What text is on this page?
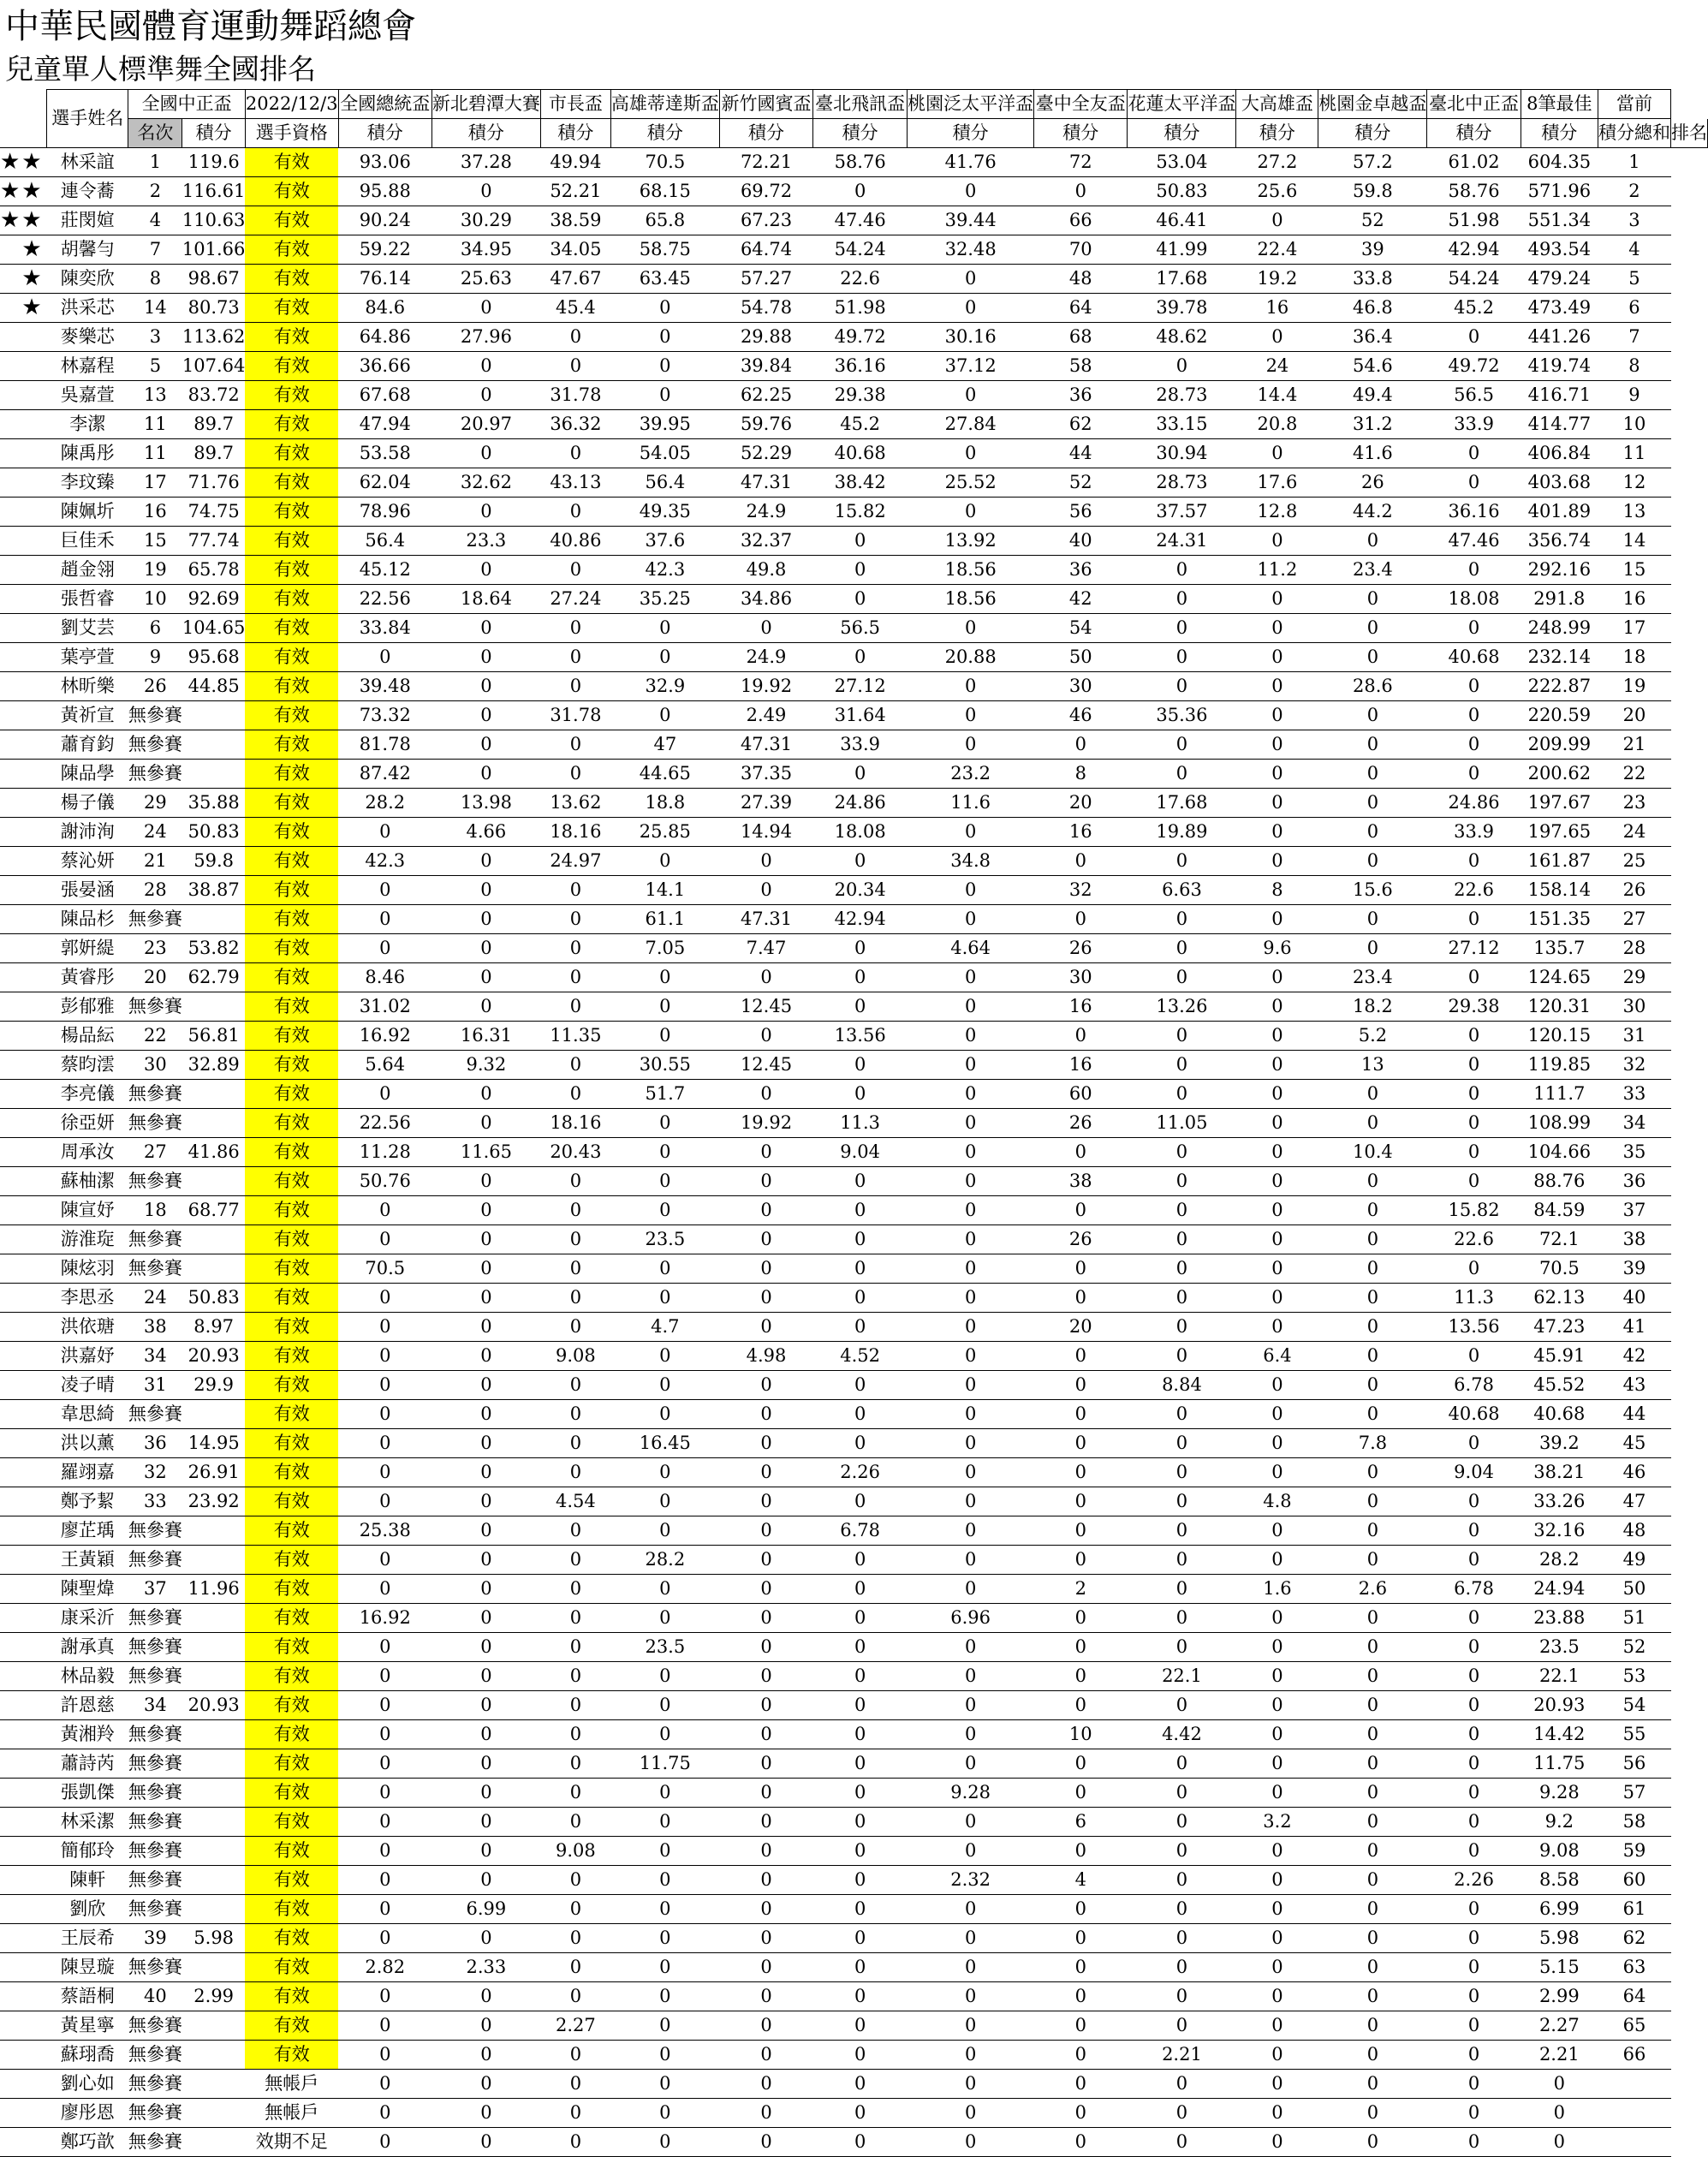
中華民國體育運動舞蹈總會
兒童單人標準舞全國排名
	選手姓名	全國中正盃		2022/12/3	全國總統盃	新北碧潭大賽	市長盃	高雄蒂達斯盃	新竹國賓盃	臺北飛訊盃	桃園泛太平洋盃	臺中全友盃	花蓮太平洋盃	大高雄盃	桃園金卓越盃	臺北中正盃	8筆最佳	當前	
		名次	積分	選手資格	積分	積分	積分	積分	積分	積分	積分	積分	積分	積分	積分	積分	積分	積分總和	排名
★★	林采誼	1	119.6	有效	93.06	37.28	49.94	70.5	72.21	58.76	41.76	72	53.04	27.2	57.2	61.02	604.35	1	
★★	連令蕎	2	116.61	有效	95.88	0	52.21	68.15	69.72	0	0	0	50.83	25.6	59.8	58.76	571.96	2	
★★	莊閔媗	4	110.63	有效	90.24	30.29	38.59	65.8	67.23	47.46	39.44	66	46.41	0	52	51.98	551.34	3	
★	胡馨勻	7	101.66	有效	59.22	34.95	34.05	58.75	64.74	54.24	32.48	70	41.99	22.4	39	42.94	493.54	4	
★	陳奕欣	8	98.67	有效	76.14	25.63	47.67	63.45	57.27	22.6	0	48	17.68	19.2	33.8	54.24	479.24	5	
★	洪采芯	14	80.73	有效	84.6	0	45.4	0	54.78	51.98	0	64	39.78	16	46.8	45.2	473.49	6	
	麥樂芯	3	113.62	有效	64.86	27.96	0	0	29.88	49.72	30.16	68	48.62	0	36.4	0	441.26	7	
	林嘉程	5	107.64	有效	36.66	0	0	0	39.84	36.16	37.12	58	0	24	54.6	49.72	419.74	8	
	吳嘉萱	13	83.72	有效	67.68	0	31.78	0	62.25	29.38	0	36	28.73	14.4	49.4	56.5	416.71	9	
	李潔	11	89.7	有效	47.94	20.97	36.32	39.95	59.76	45.2	27.84	62	33.15	20.8	31.2	33.9	414.77	10	
	陳禹彤	11	89.7	有效	53.58	0	0	54.05	52.29	40.68	0	44	30.94	0	41.6	0	406.84	11	
	李玟臻	17	71.76	有效	62.04	32.62	43.13	56.4	47.31	38.42	25.52	52	28.73	17.6	26	0	403.68	12	
	陳姵圻	16	74.75	有效	78.96	0	0	49.35	24.9	15.82	0	56	37.57	12.8	44.2	36.16	401.89	13	
	巨佳禾	15	77.74	有效	56.4	23.3	40.86	37.6	32.37	0	13.92	40	24.31	0	0	47.46	356.74	14	
	趙金翎	19	65.78	有效	45.12	0	0	42.3	49.8	0	18.56	36	0	11.2	23.4	0	292.16	15	
	張哲睿	10	92.69	有效	22.56	18.64	27.24	35.25	34.86	0	18.56	42	0	0	0	18.08	291.8	16	
	劉艾芸	6	104.65	有效	33.84	0	0	0	0	56.5	0	54	0	0	0	0	248.99	17	
	葉亭萱	9	95.68	有效	0	0	0	0	24.9	0	20.88	50	0	0	0	40.68	232.14	18	
	林昕樂	26	44.85	有效	39.48	0	0	32.9	19.92	27.12	0	30	0	0	28.6	0	222.87	19	
	黃祈宣	無參賽		有效	73.32	0	31.78	0	2.49	31.64	0	46	35.36	0	0	0	220.59	20	
	蕭育鈞	無參賽		有效	81.78	0	0	47	47.31	33.9	0	0	0	0	0	0	209.99	21	
	陳品學	無參賽		有效	87.42	0	0	44.65	37.35	0	23.2	8	0	0	0	0	200.62	22	
	楊子儀	29	35.88	有效	28.2	13.98	13.62	18.8	27.39	24.86	11.6	20	17.68	0	0	24.86	197.67	23	
	謝沛洵	24	50.83	有效	0	4.66	18.16	25.85	14.94	18.08	0	16	19.89	0	0	33.9	197.65	24	
	蔡沁妍	21	59.8	有效	42.3	0	24.97	0	0	0	34.8	0	0	0	0	0	161.87	25	
	張晏涵	28	38.87	有效	0	0	0	14.1	0	20.34	0	32	6.63	8	15.6	22.6	158.14	26	
	陳品杉	無參賽		有效	0	0	0	61.1	47.31	42.94	0	0	0	0	0	0	151.35	27	
	郭姸緹	23	53.82	有效	0	0	0	7.05	7.47	0	4.64	26	0	9.6	0	27.12	135.7	28	
	黃睿彤	20	62.79	有效	8.46	0	0	0	0	0	0	30	0	0	23.4	0	124.65	29	
	彭郁雅	無參賽		有效	31.02	0	0	0	12.45	0	0	16	13.26	0	18.2	29.38	120.31	30	
	楊品紜	22	56.81	有效	16.92	16.31	11.35	0	0	13.56	0	0	0	0	5.2	0	120.15	31	
	蔡昀澐	30	32.89	有效	5.64	9.32	0	30.55	12.45	0	0	16	0	0	13	0	119.85	32	
	李亮儀	無參賽		有效	0	0	0	51.7	0	0	0	60	0	0	0	0	111.7	33	
	徐亞妍	無參賽		有效	22.56	0	18.16	0	19.92	11.3	0	26	11.05	0	0	0	108.99	34	
	周承汝	27	41.86	有效	11.28	11.65	20.43	0	0	9.04	0	0	0	0	10.4	0	104.66	35	
	蘇柚潔	無參賽		有效	50.76	0	0	0	0	0	0	38	0	0	0	0	88.76	36	
	陳宣妤	18	68.77	有效	0	0	0	0	0	0	0	0	0	0	0	15.82	84.59	37	
	游淮琁	無參賽		有效	0	0	0	23.5	0	0	0	26	0	0	0	22.6	72.1	38	
	陳炫羽	無參賽		有效	70.5	0	0	0	0	0	0	0	0	0	0	0	70.5	39	
	李思丞	24	50.83	有效	0	0	0	0	0	0	0	0	0	0	0	11.3	62.13	40	
	洪依瑭	38	8.97	有效	0	0	0	4.7	0	0	0	20	0	0	0	13.56	47.23	41	
	洪嘉妤	34	20.93	有效	0	0	9.08	0	4.98	4.52	0	0	0	6.4	0	0	45.91	42	
	凌子晴	31	29.9	有效	0	0	0	0	0	0	0	0	8.84	0	0	6.78	45.52	43	
	韋思綺	無參賽		有效	0	0	0	0	0	0	0	0	0	0	0	40.68	40.68	44	
	洪以薰	36	14.95	有效	0	0	0	16.45	0	0	0	0	0	0	7.8	0	39.2	45	
	羅翊嘉	32	26.91	有效	0	0	0	0	0	2.26	0	0	0	0	0	9.04	38.21	46	
	鄭予絜	33	23.92	有效	0	0	4.54	0	0	0	0	0	0	4.8	0	0	33.26	47	
	廖芷瑀	無參賽		有效	25.38	0	0	0	0	6.78	0	0	0	0	0	0	32.16	48	
	王黃穎	無參賽		有效	0	0	0	28.2	0	0	0	0	0	0	0	0	28.2	49	
	陳聖煒	37	11.96	有效	0	0	0	0	0	0	0	2	0	1.6	2.6	6.78	24.94	50	
	康采沂	無參賽		有效	16.92	0	0	0	0	0	6.96	0	0	0	0	0	23.88	51	
	謝承真	無參賽		有效	0	0	0	23.5	0	0	0	0	0	0	0	0	23.5	52	
	林品毅	無參賽		有效	0	0	0	0	0	0	0	0	22.1	0	0	0	22.1	53	
	許恩慈	34	20.93	有效	0	0	0	0	0	0	0	0	0	0	0	0	20.93	54	
	黃湘羚	無參賽		有效	0	0	0	0	0	0	0	10	4.42	0	0	0	14.42	55	
	蕭詩芮	無參賽		有效	0	0	0	11.75	0	0	0	0	0	0	0	0	11.75	56	
	張凱傑	無參賽		有效	0	0	0	0	0	0	9.28	0	0	0	0	0	9.28	57	
	林采潔	無參賽		有效	0	0	0	0	0	0	0	6	0	3.2	0	0	9.2	58	
	簡郁玲	無參賽		有效	0	0	9.08	0	0	0	0	0	0	0	0	0	9.08	59	
	陳軒	無參賽		有效	0	0	0	0	0	0	2.32	4	0	0	0	2.26	8.58	60	
	劉欣	無參賽		有效	0	6.99	0	0	0	0	0	0	0	0	0	0	6.99	61	
	王辰希	39	5.98	有效	0	0	0	0	0	0	0	0	0	0	0	0	5.98	62	
	陳昱璇	無參賽		有效	2.82	2.33	0	0	0	0	0	0	0	0	0	0	5.15	63	
	蔡語桐	40	2.99	有效	0	0	0	0	0	0	0	0	0	0	0	0	2.99	64	
	黃星寧	無參賽		有效	0	0	2.27	0	0	0	0	0	0	0	0	0	2.27	65	
	蘇珝喬	無參賽		有效	0	0	0	0	0	0	0	0	2.21	0	0	0	2.21	66	
	劉心如	無參賽		無帳戶	0	0	0	0	0	0	0	0	0	0	0	0	0		
	廖彤恩	無參賽		無帳戶	0	0	0	0	0	0	0	0	0	0	0	0	0		
	鄭巧歆	無參賽		效期不足	0	0	0	0	0	0	0	0	0	0	0	0	0		
